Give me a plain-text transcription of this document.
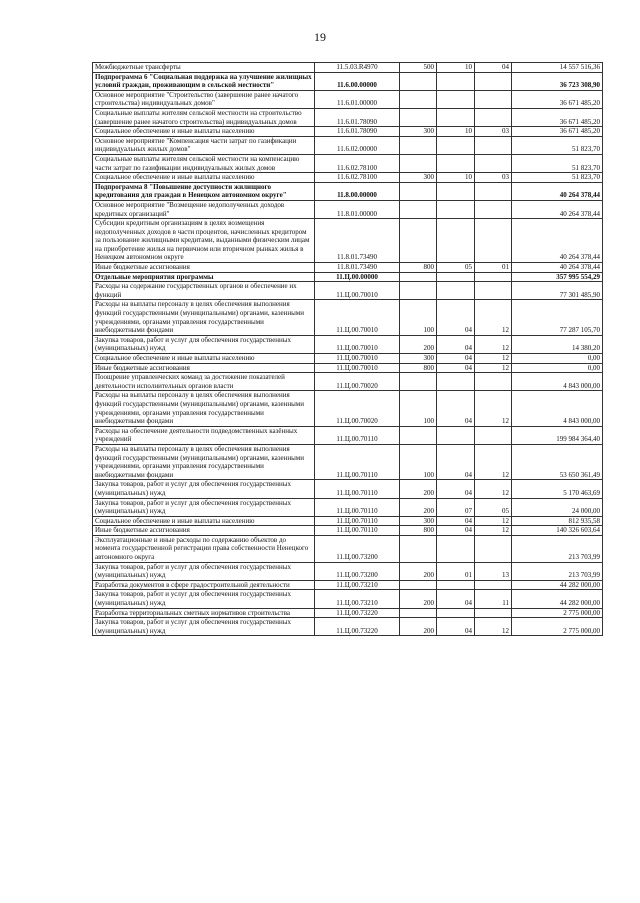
19
Межбюджетные трансферты	11.5.03.R4970	500	10	04	14 557 516,36
Подпрограмма 6 "Социальная поддержка на улучшение жилищных условий граждан, проживающим в сельской местности"	11.6.00.00000				36 723 308,90
Основное мероприятие "Строительство (завершение ранее начатого строительства) индивидуальных домов"	11.6.01.00000				36 671 485,20
Социальные выплаты жителям сельской местности на строительство (завершение ранее начатого строительства) индивидуальных домов	11.6.01.78090				36 671 485,20
Социальное обеспечение и иные выплаты населению	11.6.01.78090	300	10	03	36 671 485,20
Основное мероприятие "Компенсация части затрат по газификации индивидуальных жилых домов"	11.6.02.00000				51 823,70
Социальные выплаты жителям сельской местности на компенсацию части затрат по газификации индивидуальных жилых домов	11.6.02.78100				51 823,70
Социальное обеспечение и иные выплаты населению	11.6.02.78100	300	10	03	51 823,70
Подпрограмма 8 "Повышение доступности жилищного кредитования для граждан в Ненецком автономном округе"	11.8.00.00000				40 264 378,44
Основное мероприятие "Возмещение недополученных доходов кредитных организаций"	11.8.01.00000				40 264 378,44
Субсидии кредитным организациям в целях возмещения недополученных доходов в части процентов, начисленных кредитором за пользование жилищными кредитами, выданными физическим лицам на приобретение жилья на первичном или вторичном рынках жилья в Ненецком автономном округе	11.8.01.73490				40 264 378,44
Иные бюджетные ассигнования	11.8.01.73490	800	05	01	40 264 378,44
Отдельные мероприятия программы	11.Ц.00.00000				357 995 554,29
Расходы на содержание государственных органов и обеспечение их функций	11.Ц.00.70010				77 301 485,90
Расходы на выплаты персоналу в целях обеспечения выполнения функций государственными (муниципальными) органами, казенными учреждениями, органами управления государственными внебюджетными фондами	11.Ц.00.70010	100	04	12	77 287 105,70
Закупка товаров, работ и услуг для обеспечения государственных (муниципальных) нужд	11.Ц.00.70010	200	04	12	14 380,20
Социальное обеспечение и иные выплаты населению	11.Ц.00.70010	300	04	12	0,00
Иные бюджетные ассигнования	11.Ц.00.70010	800	04	12	0,00
Поощрение управленческих команд за достижение показателей деятельности исполнительных органов власти	11.Ц.00.70020				4 843 000,00
Расходы на выплаты персоналу в целях обеспечения выполнения функций государственными (муниципальными) органами, казенными учреждениями, органами управления государственными внебюджетными фондами	11.Ц.00.70020	100	04	12	4 843 000,00
Расходы на обеспечение деятельности подведомственных казённых учреждений	11.Ц.00.70110				199 984 364,40
Расходы на выплаты персоналу в целях обеспечения выполнения функций государственными (муниципальными) органами, казенными учреждениями, органами управления государственными внебюджетными фондами	11.Ц.00.70110	100	04	12	53 650 361,49
Закупка товаров, работ и услуг для обеспечения государственных (муниципальных) нужд	11.Ц.00.70110	200	04	12	5 170 463,69
Закупка товаров, работ и услуг для обеспечения государственных (муниципальных) нужд	11.Ц.00.70110	200	07	05	24 000,00
Социальное обеспечение и иные выплаты населению	11.Ц.00.70110	300	04	12	812 935,58
Иные бюджетные ассигнования	11.Ц.00.70110	800	04	12	140 326 603,64
Эксплуатационные и иные расходы по содержанию объектов до момента государственной регистрации права собственности Ненецкого автономного округа	11.Ц.00.73200				213 703,99
Закупка товаров, работ и услуг для обеспечения государственных (муниципальных) нужд	11.Ц.00.73200	200	01	13	213 703,99
Разработка документов в сфере градостроительной деятельности	11.Ц.00.73210				44 282 000,00
Закупка товаров, работ и услуг для обеспечения государственных (муниципальных) нужд	11.Ц.00.73210	200	04	11	44 282 000,00
Разработка территориальных сметных нормативов строительства	11.Ц.00.73220				2 775 000,00
Закупка товаров, работ и услуг для обеспечения государственных (муниципальных) нужд	11.Ц.00.73220	200	04	12	2 775 000,00
